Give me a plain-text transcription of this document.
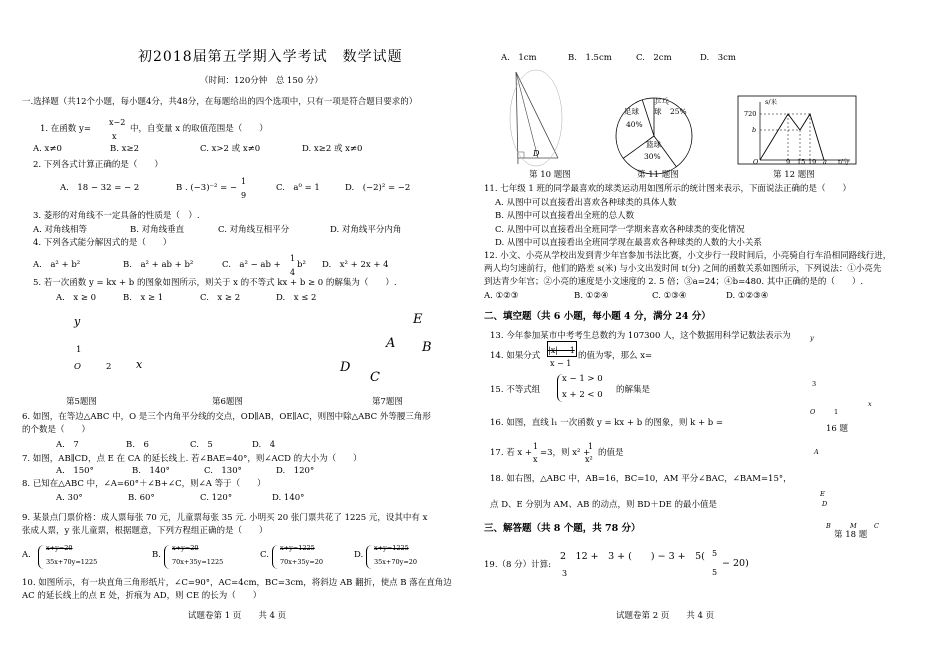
初2018届第五学期入学考试　数学试题
（时间：120分钟　总 150 分）
一.选择题（共12个小题，每小题4分，共48分，在每题给出的四个选项中，只有一项是符合题目要求的）
1. 在函数 y=
x−2
x
中，自变量 x 的取值范围是（　　）
A. x≠0	B. x≥2	C. x>2 或 x≠0	D. x≥2 或 x≠0
2. 下列各式计算正确的是（　　）
A.　18 − 32 = − 2	B . (−3)⁻² = −
1
9
C.　a⁰ = 1	D.　(−2)² = −2
3. 菱形的对角线不一定具备的性质是（　）.
A. 对角线相等	B. 对角线垂直	C. 对角线互相平分	D. 对角线平分内角
4. 下列各式能分解因式的是（　　）
A.　a² + b²	B.　a² + ab + b²	C.　a² − ab +
1
4
b² D.　x² + 2x + 4
5. 若一次函数 y = kx + b 的图象如图所示，则关于 x 的不等式 kx + b ≥ 0 的解集为（　　）.
A.　x ≥ 0	B.　x ≥ 1	C.　x ≥ 2	D.　x ≤ 2
y
1
O	2 x
E
A B
D
C
第5题图	第6题图	第7题图
6. 如图，在等边△ABC 中，O 是三个内角平分线的交点，OD∥AB，OE∥AC，则图中除△ABC 外等腰三角形
的个数是（　　）
A.　7	B.　6	C.　5	D.　4
7. 如图，AB∥CD，点 E 在 CA 的延长线上. 若∠BAE=40°，则∠ACD 的大小为（　　）
A.　150°	B.　140°	C.　130°	D.　120°
8. 已知在△ABC 中，∠A=60°＋∠B+∠C，则∠A 等于（　　）
A. 30°	B. 60°	C. 120°	D. 140°
9. 某景点门票价格：成人票每张 70 元，儿童票每张 35 元. 小明买 20 张门票共花了 1225 元，设其中有 x
张成人票，y 张儿童票，根据题意，下列方程组正确的是（　　）
A.
x+y=20
35x+70y=1225
B.
x+y=20
70x+35y=1225
C.
x+y=1225
70x+35y=20
D.
x+y=1225
35x+70y=20
10. 如图所示，有一块直角三角形纸片，∠C=90°，AC=4cm，BC=3cm，将斜边 AB 翻折，使点 B 落在直角边
AC 的延长线上的点 E 处，折痕为 AD，则 CE 的长为（　　）
试题卷第 1 页　　共 4 页
A.　1cm	B.　1.5cm	C.　2cm	D.　3cm
D
足球
40%
乒乓
球 25%
篮球
30%
s/米
720
b
O	9 15 19 a t/分
第 10 题图	第 11 题图	第 12 题图
11. 七年级 1 班的同学最喜欢的球类运动用如图所示的统计图来表示，下面说法正确的是（　　）
A. 从图中可以直接看出喜欢各种球类的具体人数
B. 从图中可以直接看出全班的总人数
C. 从图中可以直接看出全班同学一学期来喜欢各种球类的变化情况
D. 从图中可以直接看出全班同学现在最喜欢各种球类的人数的大小关系
12. 小文、小亮从学校出发到青少年宫参加书法比赛，小文步行一段时间后，小亮骑自行车沿相同路线行进，
两人均匀速前行，他们的路差 s(米) 与小文出发时间 t(分) 之间的函数关系如图所示，下列说法：①小亮先
到达青少年宫；②小亮的速度是小文速度的 2. 5 倍；③a=24；④b=480. 其中正确的是的（　　）.
A. ①②③	B. ①②④	C. ①③④	D. ①②③④
二、填空题（共 6 小题，每小题 4 分，满分 24 分）
13. 今年参加某市中考考生总数约为 107300 人，这个数据用科学记数法表示为
14. 如果分式
|x| − 1
x − 1
的值为零，那么 x=
15. 不等式组
x − 1 > 0
x + 2 < 0 的解集是
16. 如图，直线 l₁ 一次函数 y = kx + b 的图象，则 k + b =
y
3
O	1
x
16 题
17. 若 x +
1
x
=3，则 x² +
1
x²
的值是	A
18. 如右图，△ABC 中，AB=16，BC=10，AM 平分∠BAC，∠BAM=15°，
点 D、E 分别为 AM、AB 的动点，则 BD＋DE 的最小值是
E
D
B	M	C
第 18 题
三、解答题（共 8 个题，共 78 分）
19.（8 分）计算:
2　12 +　3 + (　　) − 3 +　5(
3
5
5
− 20)
试题卷第 2 页　　共 4 页
